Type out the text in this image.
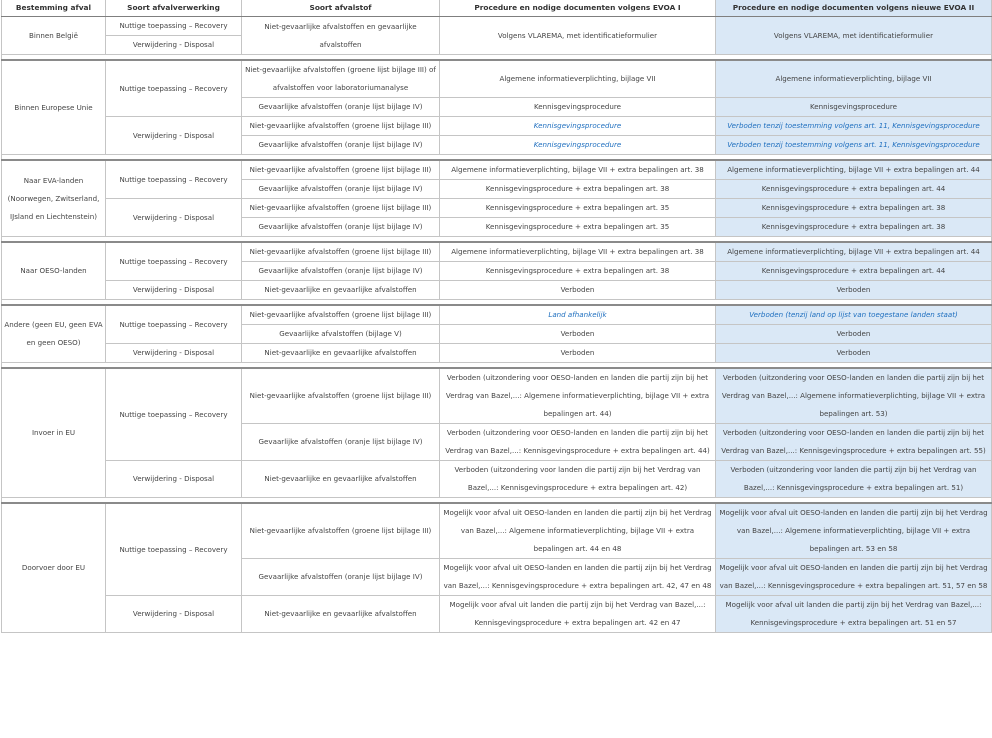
Bestemming afval	Soort afvalverwerking	Soort afvalstof	Procedure en nodige documenten volgens EVOA I	Procedure en nodige documenten volgens nieuwe EVOA II
Binnen België	Nuttige toepassing – Recovery	Niet-gevaarlijke afvalstoffen en gevaarlijke afvalstoffen	Volgens VLAREMA, met identificatieformulier	Volgens VLAREMA, met identificatieformulier
	Verwijdering - Disposal			

Binnen Europese Unie	Nuttige toepassing – Recovery	Niet-gevaarlijke afvalstoffen (groene lijst bijlage III) of afvalstoffen voor laboratoriumanalyse	Algemene informatieverplichting, bijlage VII	Algemene informatieverplichting, bijlage VII
		Gevaarlijke afvalstoffen (oranje lijst bijlage IV)	Kennisgevingsprocedure	Kennisgevingsprocedure
	Verwijdering - Disposal	Niet-gevaarlijke afvalstoffen (groene lijst bijlage III)	Kennisgevingsprocedure	Verboden tenzij toestemming volgens art. 11, Kennisgevingsprocedure
		Gevaarlijke afvalstoffen (oranje lijst bijlage IV)	Kennisgevingsprocedure	Verboden tenzij toestemming volgens art. 11, Kennisgevingsprocedure

Naar EVA-landen (Noorwegen, Zwitserland, IJsland en Liechtenstein)	Nuttige toepassing – Recovery	Niet-gevaarlijke afvalstoffen (groene lijst bijlage III)	Algemene informatieverplichting, bijlage VII + extra bepalingen art. 38	Algemene informatieverplichting, bijlage VII + extra bepalingen art. 44
		Gevaarlijke afvalstoffen (oranje lijst bijlage IV)	Kennisgevingsprocedure + extra bepalingen art. 38	Kennisgevingsprocedure + extra bepalingen art. 44
	Verwijdering - Disposal	Niet-gevaarlijke afvalstoffen (groene lijst bijlage III)	Kennisgevingsprocedure + extra bepalingen art. 35	Kennisgevingsprocedure + extra bepalingen art. 38
		Gevaarlijke afvalstoffen (oranje lijst bijlage IV)	Kennisgevingsprocedure + extra bepalingen art. 35	Kennisgevingsprocedure + extra bepalingen art. 38

Naar OESO-landen	Nuttige toepassing – Recovery	Niet-gevaarlijke afvalstoffen (groene lijst bijlage III)	Algemene informatieverplichting, bijlage VII + extra bepalingen art. 38	Algemene informatieverplichting, bijlage VII + extra bepalingen art. 44
		Gevaarlijke afvalstoffen (oranje lijst bijlage IV)	Kennisgevingsprocedure + extra bepalingen art. 38	Kennisgevingsprocedure + extra bepalingen art. 44
	Verwijdering - Disposal	Niet-gevaarlijke en gevaarlijke afvalstoffen	Verboden	Verboden

Andere (geen EU, geen EVA en geen OESO)	Nuttige toepassing – Recovery	Niet-gevaarlijke afvalstoffen (groene lijst bijlage III)	Land afhankelijk	Verboden (tenzij land op lijst van toegestane landen staat)
		Gevaarlijke afvalstoffen (bijlage V)	Verboden	Verboden
	Verwijdering - Disposal	Niet-gevaarlijke en gevaarlijke afvalstoffen	Verboden	Verboden

Invoer in EU	Nuttige toepassing – Recovery	Niet-gevaarlijke afvalstoffen (groene lijst bijlage III)	Verboden (uitzondering voor OESO-landen en landen die partij zijn bij het Verdrag van Bazel,...: Algemene informatieverplichting, bijlage VII + extra bepalingen art. 44)	Verboden (uitzondering voor OESO-landen en landen die partij zijn bij het Verdrag van Bazel,...: Algemene informatieverplichting, bijlage VII + extra bepalingen art. 53)
		Gevaarlijke afvalstoffen (oranje lijst bijlage IV)	Verboden (uitzondering voor OESO-landen en landen die partij zijn bij het Verdrag van Bazel,...: Kennisgevingsprocedure + extra bepalingen art. 44)	Verboden (uitzondering voor OESO-landen en landen die partij zijn bij het Verdrag van Bazel,...: Kennisgevingsprocedure + extra bepalingen art. 55)
	Verwijdering - Disposal	Niet-gevaarlijke en gevaarlijke afvalstoffen	Verboden (uitzondering voor landen die partij zijn bij het Verdrag van Bazel,...: Kennisgevingsprocedure + extra bepalingen art. 42)	Verboden (uitzondering voor landen die partij zijn bij het Verdrag van Bazel,...: Kennisgevingsprocedure + extra bepalingen art. 51)

Doorvoer door EU	Nuttige toepassing – Recovery	Niet-gevaarlijke afvalstoffen (groene lijst bijlage III)	Mogelijk voor afval uit OESO-landen en landen die partij zijn bij het Verdrag van Bazel,...: Algemene informatieverplichting, bijlage VII + extra bepalingen art. 44 en 48	Mogelijk voor afval uit OESO-landen en landen die partij zijn bij het Verdrag van Bazel,...: Algemene informatieverplichting, bijlage VII + extra bepalingen art. 53 en 58
		Gevaarlijke afvalstoffen (oranje lijst bijlage IV)	Mogelijk voor afval uit OESO-landen en landen die partij zijn bij het Verdrag van Bazel,...: Kennisgevingsprocedure + extra bepalingen art. 42, 47 en 48	Mogelijk voor afval uit OESO-landen en landen die partij zijn bij het Verdrag van Bazel,...: Kennisgevingsprocedure + extra bepalingen art. 51, 57 en 58
	Verwijdering - Disposal	Niet-gevaarlijke en gevaarlijke afvalstoffen	Mogelijk voor afval uit landen die partij zijn bij het Verdrag van Bazel,...: Kennisgevingsprocedure + extra bepalingen art. 42 en 47	Mogelijk voor afval uit landen die partij zijn bij het Verdrag van Bazel,...: Kennisgevingsprocedure + extra bepalingen art. 51 en 57
